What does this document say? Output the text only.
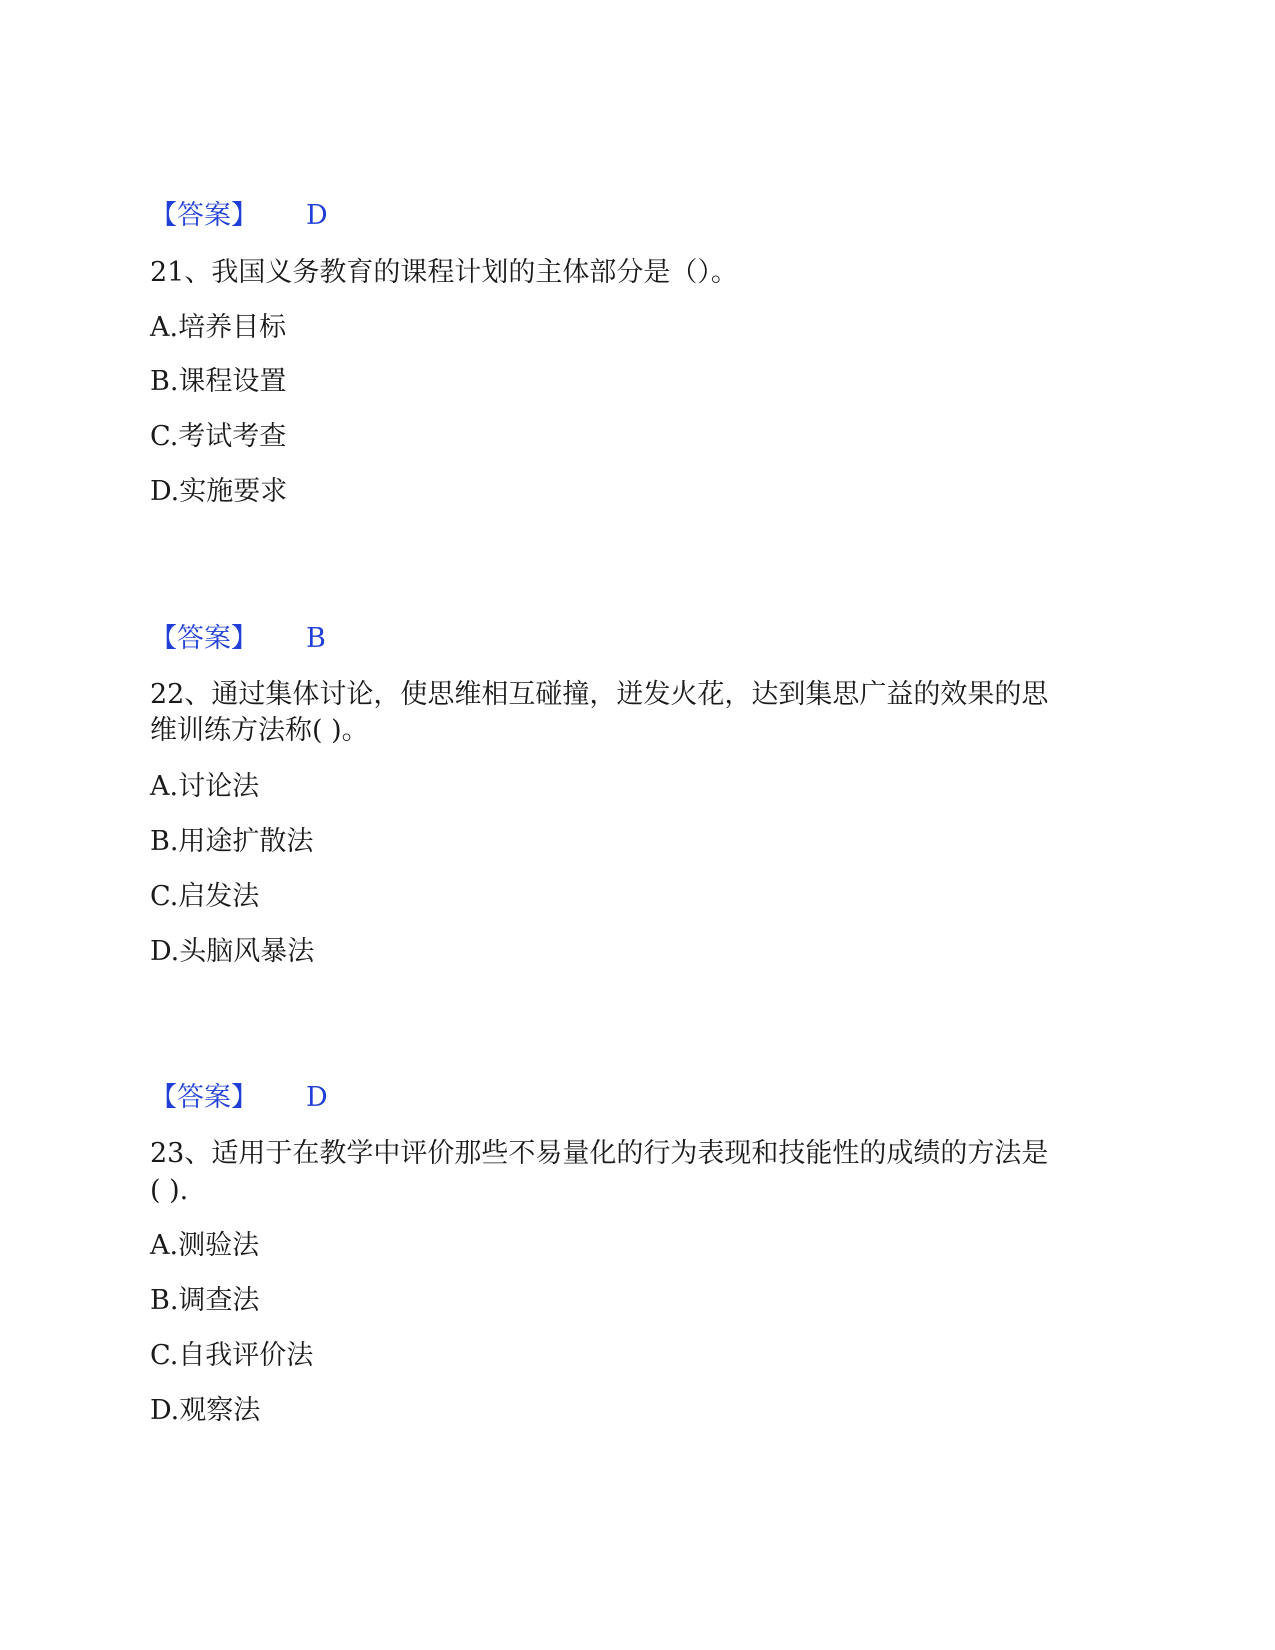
【答案】 D
21、我国义务教育的课程计划的主体部分是（）。
A.培养目标
B.课程设置
C.考试考查
D.实施要求
【答案】 B
22、通过集体讨论，使思维相互碰撞，迸发火花，达到集思广益的效果的思
维训练方法称( )。
A.讨论法
B.用途扩散法
C.启发法
D.头脑风暴法
【答案】 D
23、适用于在教学中评价那些不易量化的行为表现和技能性的成绩的方法是
( ).
A.测验法
B.调查法
C.自我评价法
D.观察法
